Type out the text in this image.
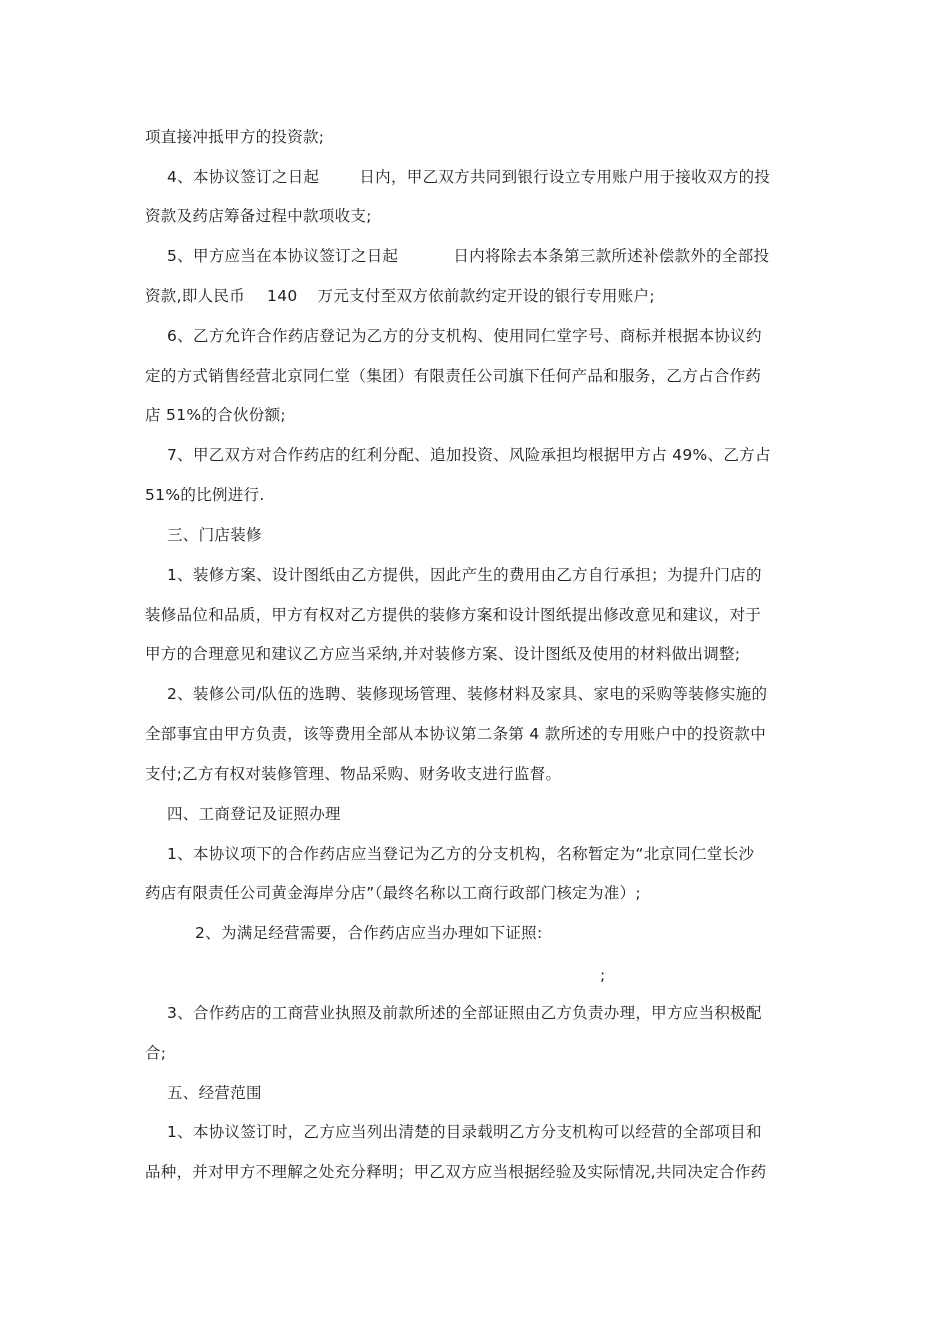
项直接冲抵甲方的投资款;
4、本协议签订之日起	日内，甲乙双方共同到银行设立专用账户用于接收双方的投
资款及药店筹备过程中款项收支;
5、甲方应当在本协议签订之日起	日内将除去本条第三款所述补偿款外的全部投
资款,即人民币 140 万元支付至双方依前款约定开设的银行专用账户;
6、乙方允许合作药店登记为乙方的分支机构、使用同仁堂字号、商标并根据本协议约
定的方式销售经营北京同仁堂（集团）有限责任公司旗下任何产品和服务，乙方占合作药
店 51%的合伙份额;
7、甲乙双方对合作药店的红利分配、追加投资、风险承担均根据甲方占 49%、乙方占
51%的比例进行.
三、门店装修
1、装修方案、设计图纸由乙方提供，因此产生的费用由乙方自行承担；为提升门店的
装修品位和品质，甲方有权对乙方提供的装修方案和设计图纸提出修改意见和建议，对于
甲方的合理意见和建议乙方应当采纳,并对装修方案、设计图纸及使用的材料做出调整;
2、装修公司/队伍的选聘、装修现场管理、装修材料及家具、家电的采购等装修实施的
全部事宜由甲方负责，该等费用全部从本协议第二条第 4 款所述的专用账户中的投资款中
支付;乙方有权对装修管理、物品采购、财务收支进行监督。
四、工商登记及证照办理
1、本协议项下的合作药店应当登记为乙方的分支机构，名称暂定为“北京同仁堂长沙
药店有限责任公司黄金海岸分店”（最终名称以工商行政部门核定为准）;
2、为满足经营需要，合作药店应当办理如下证照:
;
3、合作药店的工商营业执照及前款所述的全部证照由乙方负责办理，甲方应当积极配
合;
五、经营范围
1、本协议签订时，乙方应当列出清楚的目录载明乙方分支机构可以经营的全部项目和
品种，并对甲方不理解之处充分释明；甲乙双方应当根据经验及实际情况,共同决定合作药
